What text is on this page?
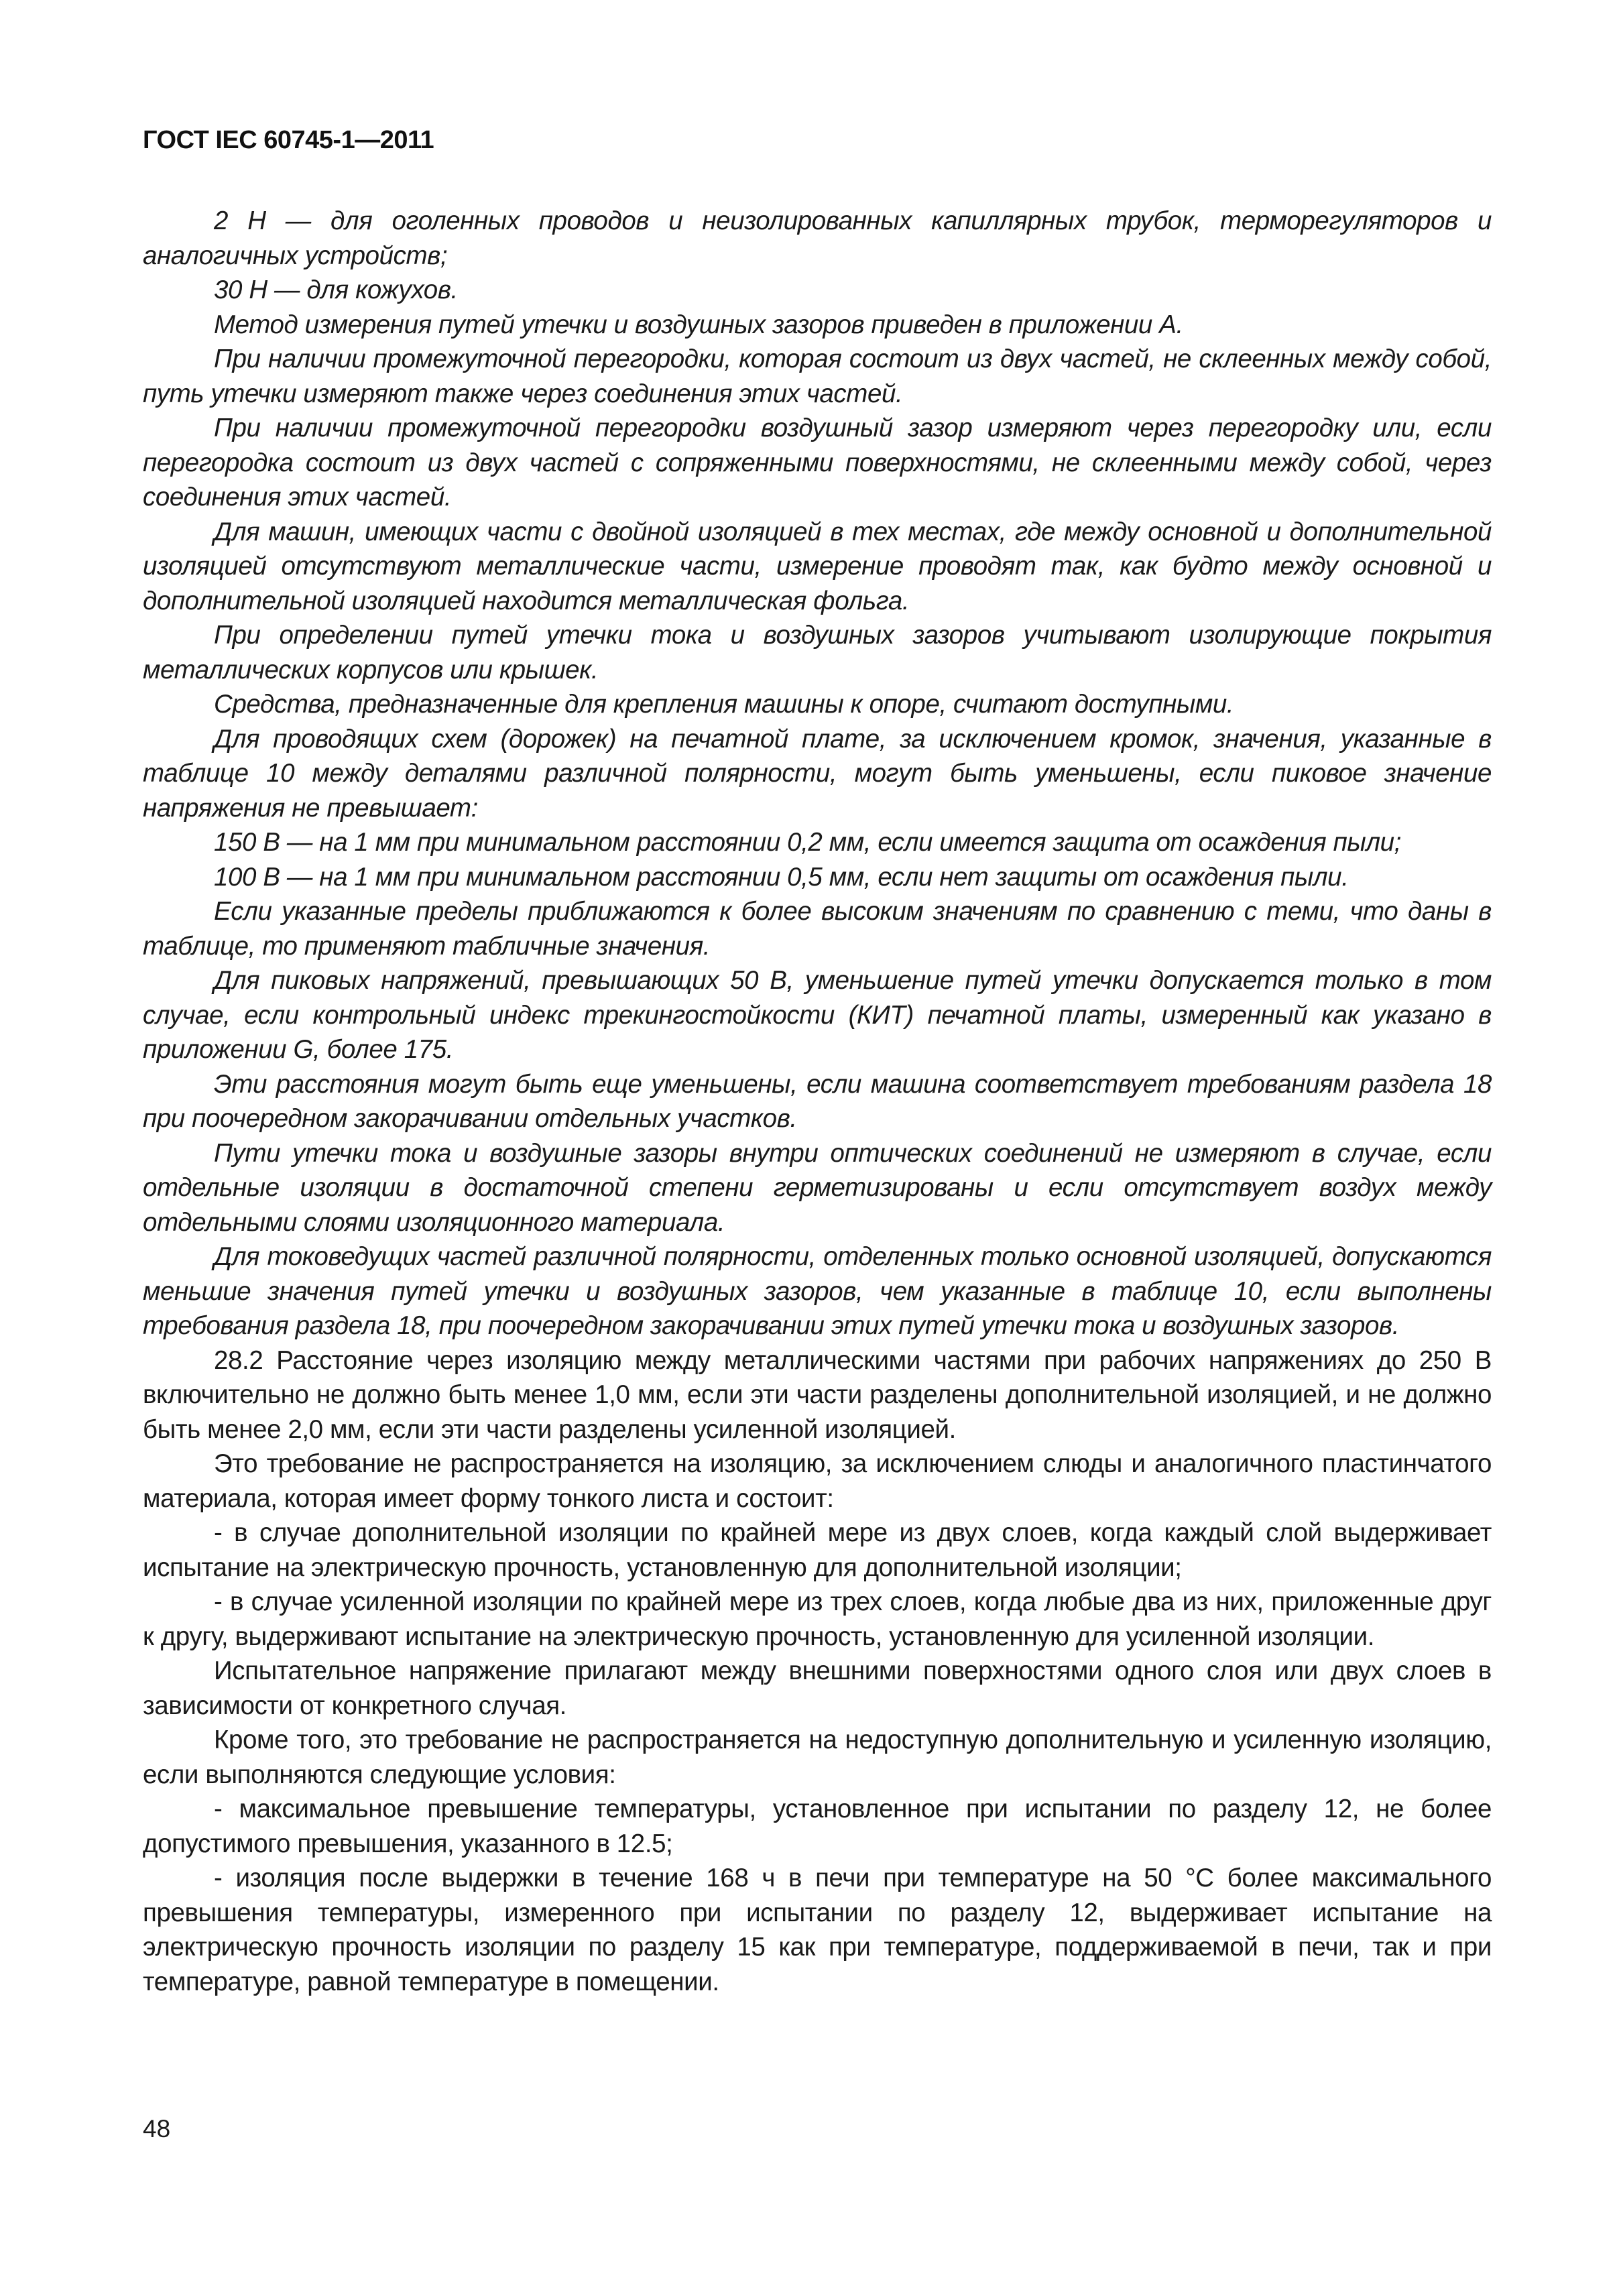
ГОСТ IEC 60745-1—2011

2 Н — для оголенных проводов и неизолированных капиллярных трубок, терморегуляторов и аналогичных устройств;

30 Н — для кожухов.

Метод измерения путей утечки и воздушных зазоров приведен в приложении А.

При наличии промежуточной перегородки, которая состоит из двух частей, не склеенных между собой, путь утечки измеряют также через соединения этих частей.

При наличии промежуточной перегородки воздушный зазор измеряют через перегородку или, если перегородка состоит из двух частей с сопряженными поверхностями, не склеенными между собой, через соединения этих частей.

Для машин, имеющих части с двойной изоляцией в тех местах, где между основной и дополнительной изоляцией отсутствуют металлические части, измерение проводят так, как будто между основной и дополнительной изоляцией находится металлическая фольга.

При определении путей утечки тока и воздушных зазоров учитывают изолирующие покрытия металлических корпусов или крышек.

Средства, предназначенные для крепления машины к опоре, считают доступными.

Для проводящих схем (дорожек) на печатной плате, за исключением кромок, значения, указанные в таблице 10 между деталями различной полярности, могут быть уменьшены, если пиковое значение напряжения не превышает:

150 В — на 1 мм при минимальном расстоянии 0,2 мм, если имеется защита от осаждения пыли;

100 В — на 1 мм при минимальном расстоянии 0,5 мм, если нет защиты от осаждения пыли.

Если указанные пределы приближаются к более высоким значениям по сравнению с теми, что даны в таблице, то применяют табличные значения.

Для пиковых напряжений, превышающих 50 В, уменьшение путей утечки допускается только в том случае, если контрольный индекс трекингостойкости (КИТ) печатной платы, измеренный как указано в приложении G, более 175.

Эти расстояния могут быть еще уменьшены, если машина соответствует требованиям раздела 18 при поочередном закорачивании отдельных участков.

Пути утечки тока и воздушные зазоры внутри оптических соединений не измеряют в случае, если отдельные изоляции в достаточной степени герметизированы и если отсутствует воздух между отдельными слоями изоляционного материала.

Для токоведущих частей различной полярности, отделенных только основной изоляцией, допускаются меньшие значения путей утечки и воздушных зазоров, чем указанные в таблице 10, если выполнены требования раздела 18, при поочередном закорачивании этих путей утечки тока и воздушных зазоров.

28.2 Расстояние через изоляцию между металлическими частями при рабочих напряжениях до 250 В включительно не должно быть менее 1,0 мм, если эти части разделены дополнительной изоляцией, и не должно быть менее 2,0 мм, если эти части разделены усиленной изоляцией.

Это требование не распространяется на изоляцию, за исключением слюды и аналогичного пластинчатого материала, которая имеет форму тонкого листа и состоит:

- в случае дополнительной изоляции по крайней мере из двух слоев, когда каждый слой выдерживает испытание на электрическую прочность, установленную для дополнительной изоляции;

- в случае усиленной изоляции по крайней мере из трех слоев, когда любые два из них, приложенные друг к другу, выдерживают испытание на электрическую прочность, установленную для усиленной изоляции.

Испытательное напряжение прилагают между внешними поверхностями одного слоя или двух слоев в зависимости от конкретного случая.

Кроме того, это требование не распространяется на недоступную дополнительную и усиленную изоляцию, если выполняются следующие условия:

- максимальное превышение температуры, установленное при испытании по разделу 12, не более допустимого превышения, указанного в 12.5;

- изоляция после выдержки в течение 168 ч в печи при температуре на 50 °С более максимального превышения температуры, измеренного при испытании по разделу 12, выдерживает испытание на электрическую прочность изоляции по разделу 15 как при температуре, поддерживаемой в печи, так и при температуре, равной температуре в помещении.

48
